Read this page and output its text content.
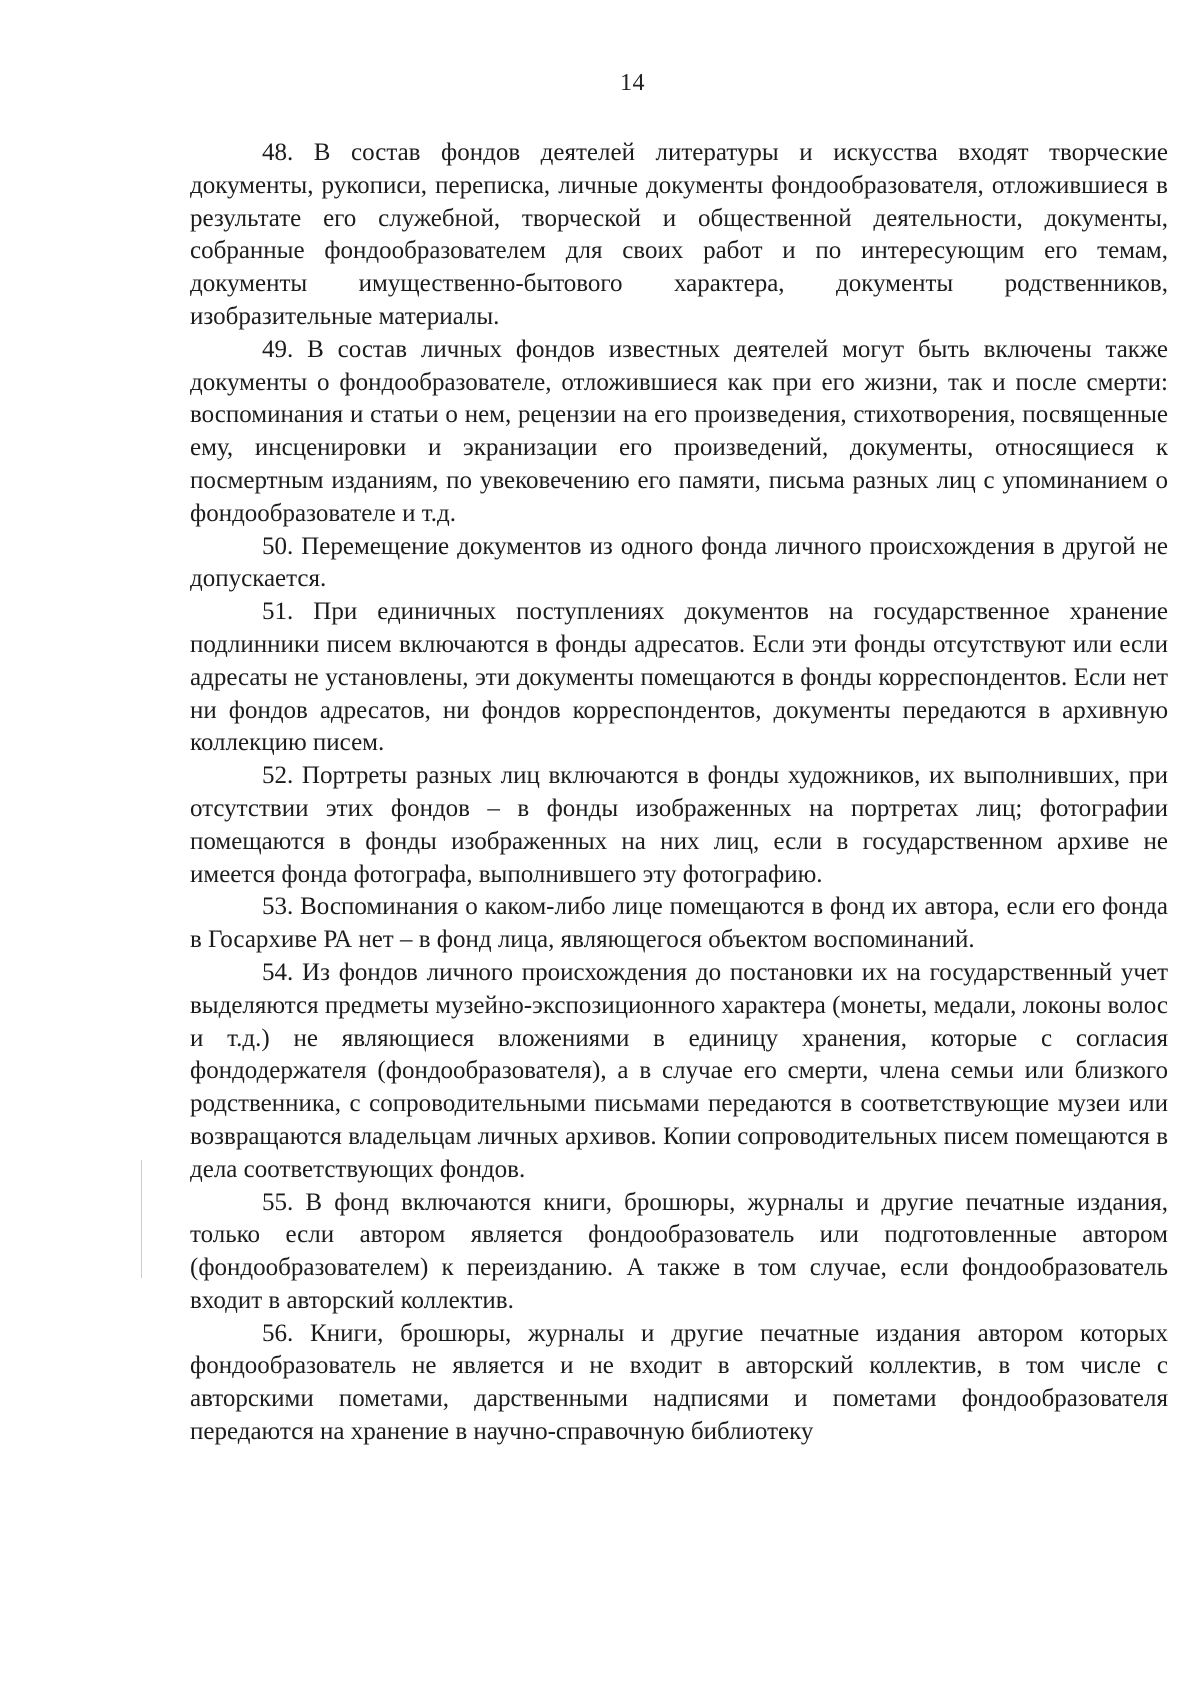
14

48. В состав фондов деятелей литературы и искусства входят творческие документы, рукописи, переписка, личные документы фондообразователя, отложившиеся в результате его служебной, творческой и общественной деятельности, документы, собранные фондообразователем для своих работ и по интересующим его темам, документы имущественно-бытового характера, документы родственников, изобразительные материалы.

49. В состав личных фондов известных деятелей могут быть включены также документы о фондообразователе, отложившиеся как при его жизни, так и после смерти: воспоминания и статьи о нем, рецензии на его произведения, стихотворения, посвященные ему, инсценировки и экранизации его произведений, документы, относящиеся к посмертным изданиям, по увековечению его памяти, письма разных лиц с упоминанием о фондообразователе и т.д.

50. Перемещение документов из одного фонда личного происхождения в другой не допускается.

51. При единичных поступлениях документов на государственное хранение подлинники писем включаются в фонды адресатов. Если эти фонды отсутствуют или если адресаты не установлены, эти документы помещаются в фонды корреспондентов. Если нет ни фондов адресатов, ни фондов корреспондентов, документы передаются в архивную коллекцию писем.

52. Портреты разных лиц включаются в фонды художников, их выполнивших, при отсутствии этих фондов – в фонды изображенных на портретах лиц; фотографии помещаются в фонды изображенных на них лиц, если в государственном архиве не имеется фонда фотографа, выполнившего эту фотографию.

53. Воспоминания о каком-либо лице помещаются в фонд их автора, если его фонда в Госархиве РА нет – в фонд лица, являющегося объектом воспоминаний.

54. Из фондов личного происхождения до постановки их на государственный учет выделяются предметы музейно-экспозиционного характера (монеты, медали, локоны волос и т.д.) не являющиеся вложениями в единицу хранения, которые с согласия фондодержателя (фондообразователя), а в случае его смерти, члена семьи или близкого родственника, с сопроводительными письмами передаются в соответствующие музеи или возвращаются владельцам личных архивов. Копии сопроводительных писем помещаются в дела соответствующих фондов.

55. В фонд включаются книги, брошюры, журналы и другие печатные издания, только если автором является фондообразователь или подготовленные автором (фондообразователем) к переизданию. А также в том случае, если фондообразователь входит в авторский коллектив.

56. Книги, брошюры, журналы и другие печатные издания автором которых фондообразователь не является и не входит в авторский коллектив, в том числе с авторскими пометами, дарственными надписями и пометами фондообразователя передаются на хранение в научно-справочную библиотеку
